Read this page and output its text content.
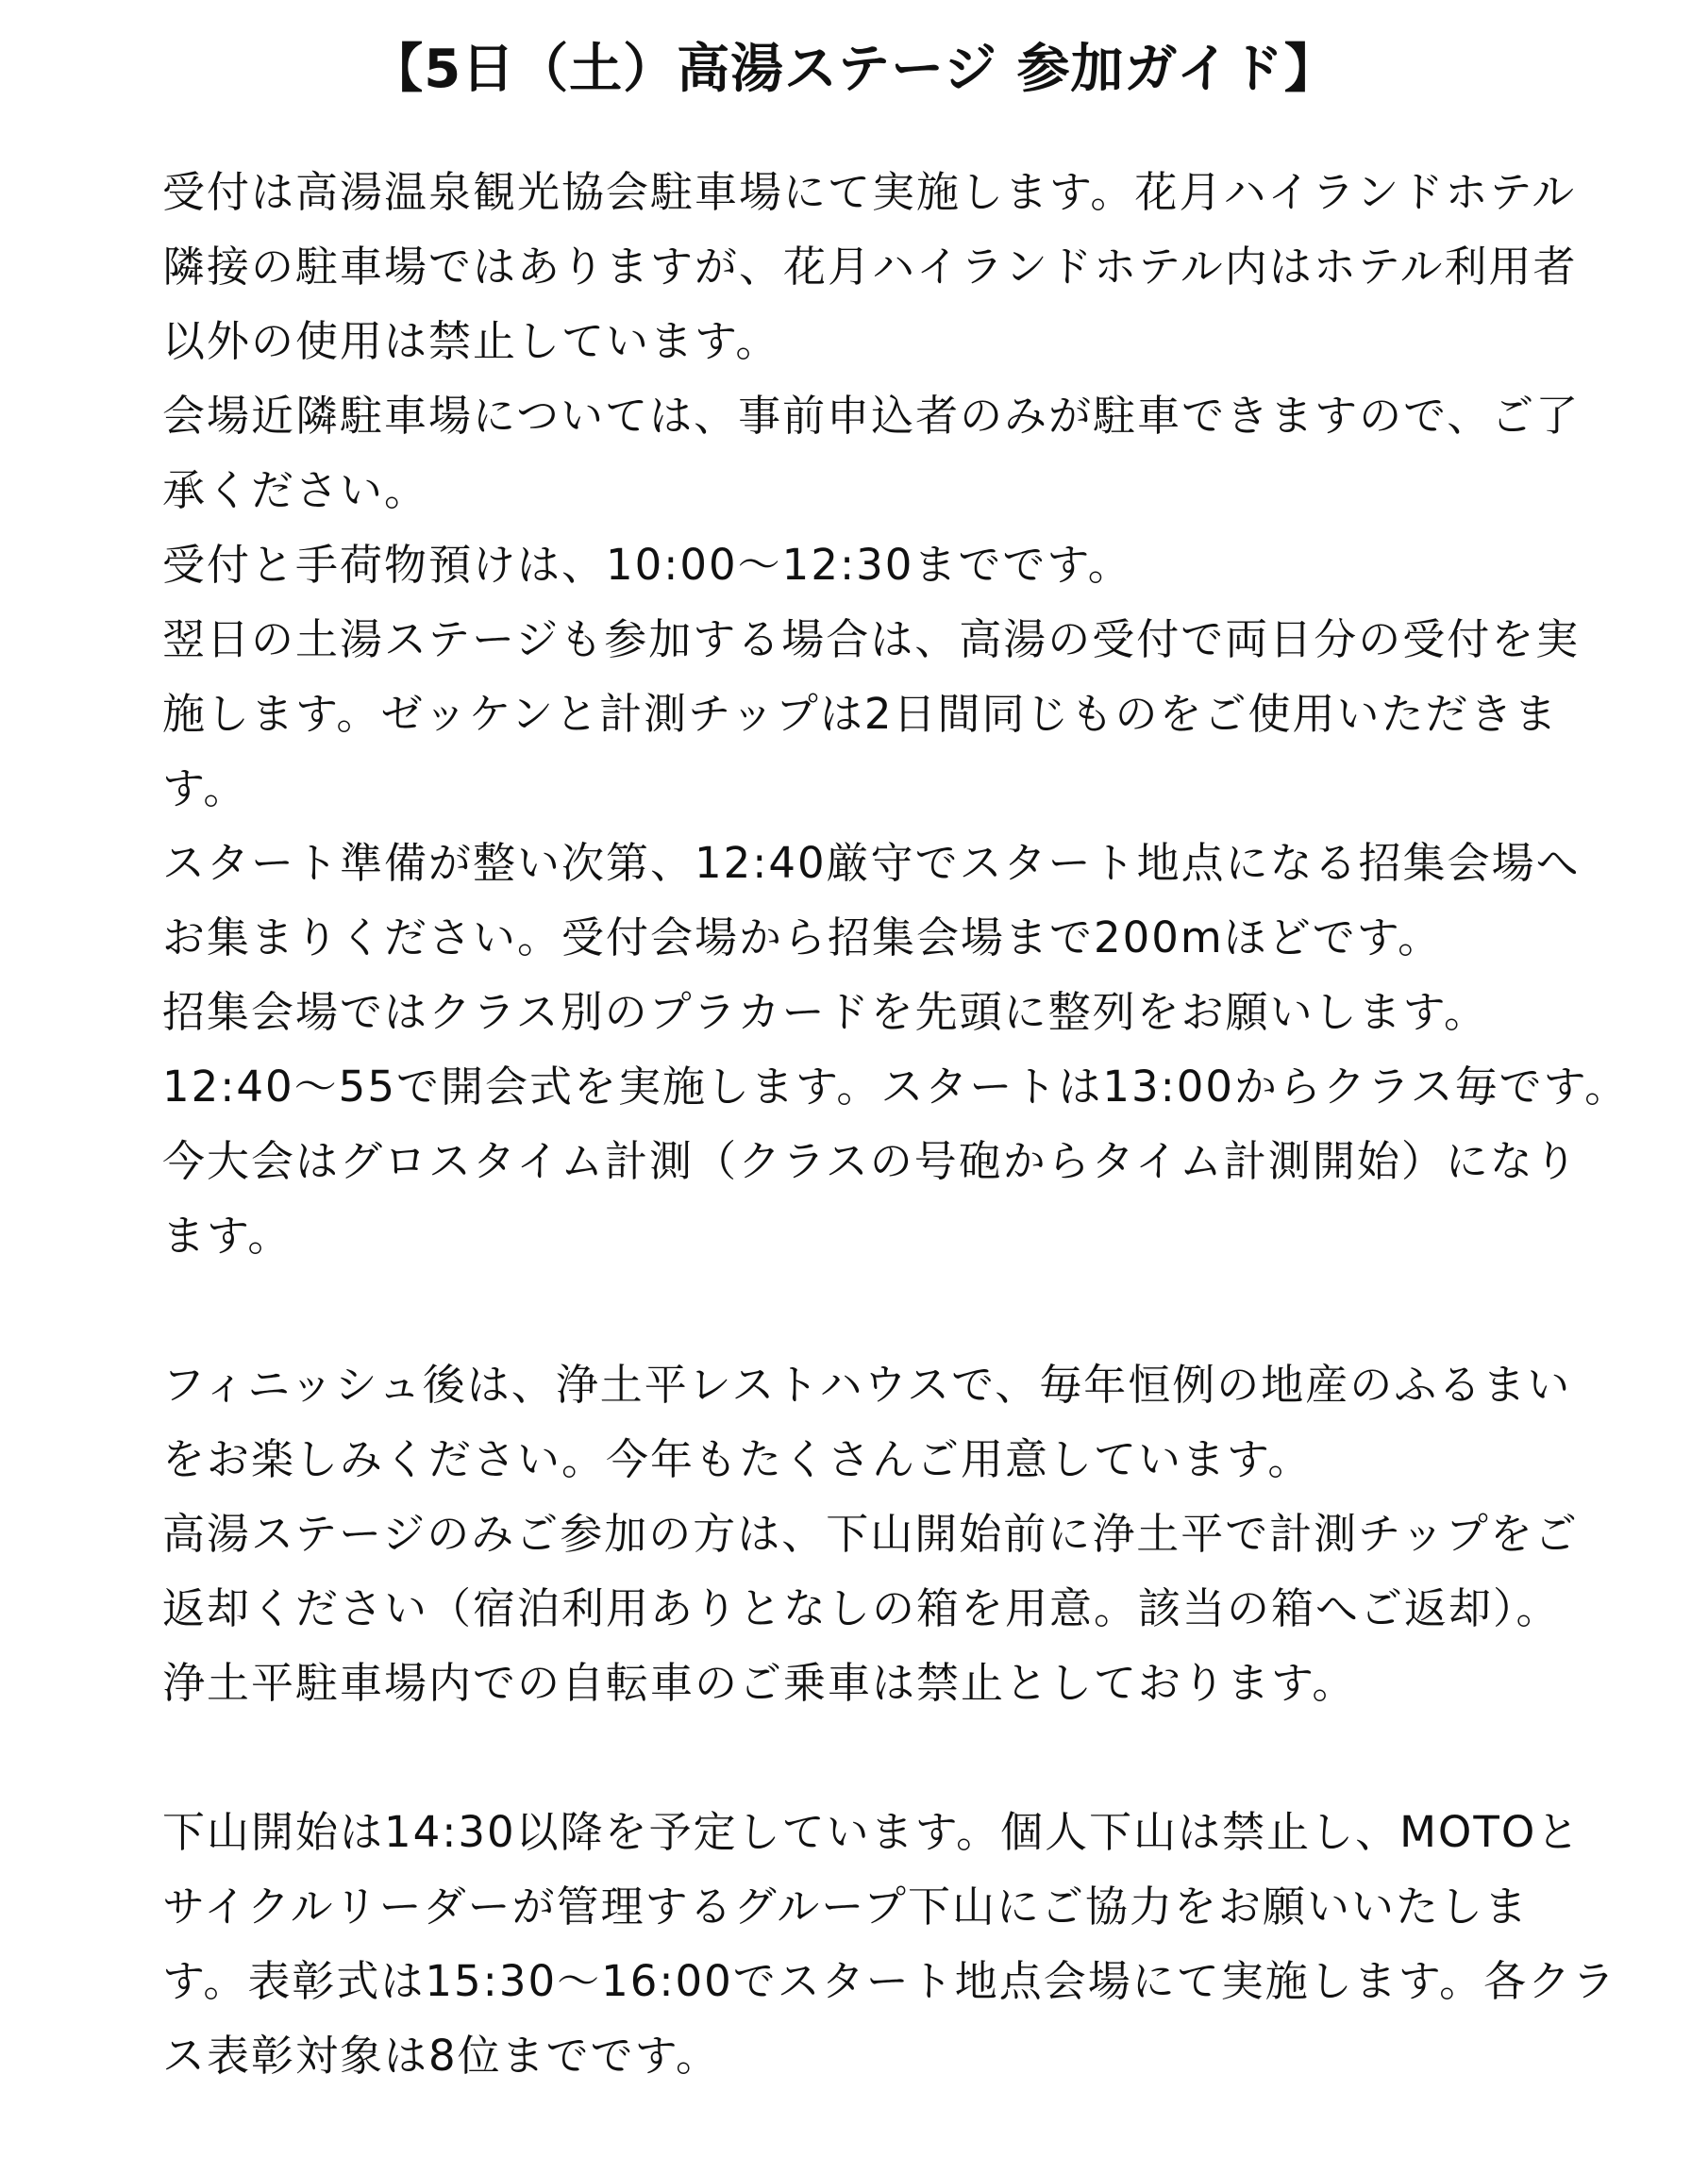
【5日（土）高湯ステージ 参加ガイド】
受付は高湯温泉観光協会駐車場にて実施します。花月ハイランドホテル
隣接の駐車場ではありますが、花月ハイランドホテル内はホテル利用者
以外の使用は禁止しています。
会場近隣駐車場については、事前申込者のみが駐車できますので、ご了
承ください。
受付と手荷物預けは、10:00～12:30までです。
翌日の土湯ステージも参加する場合は、高湯の受付で両日分の受付を実
施します。ゼッケンと計測チップは2日間同じものをご使用いただきま
す。
スタート準備が整い次第、12:40厳守でスタート地点になる招集会場へ
お集まりください。受付会場から招集会場まで200mほどです。
招集会場ではクラス別のプラカードを先頭に整列をお願いします。
12:40～55で開会式を実施します。スタートは13:00からクラス毎です。
今大会はグロスタイム計測（クラスの号砲からタイム計測開始）になり
ます。
フィニッシュ後は、浄土平レストハウスで、毎年恒例の地産のふるまい
をお楽しみください。今年もたくさんご用意しています。
高湯ステージのみご参加の方は、下山開始前に浄土平で計測チップをご
返却ください（宿泊利用ありとなしの箱を用意。該当の箱へご返却）。
浄土平駐車場内での自転車のご乗車は禁止としております。
下山開始は14:30以降を予定しています。個人下山は禁止し、MOTOと
サイクルリーダーが管理するグループ下山にご協力をお願いいたしま
す。表彰式は15:30～16:00でスタート地点会場にて実施します。各クラ
ス表彰対象は8位までです。
